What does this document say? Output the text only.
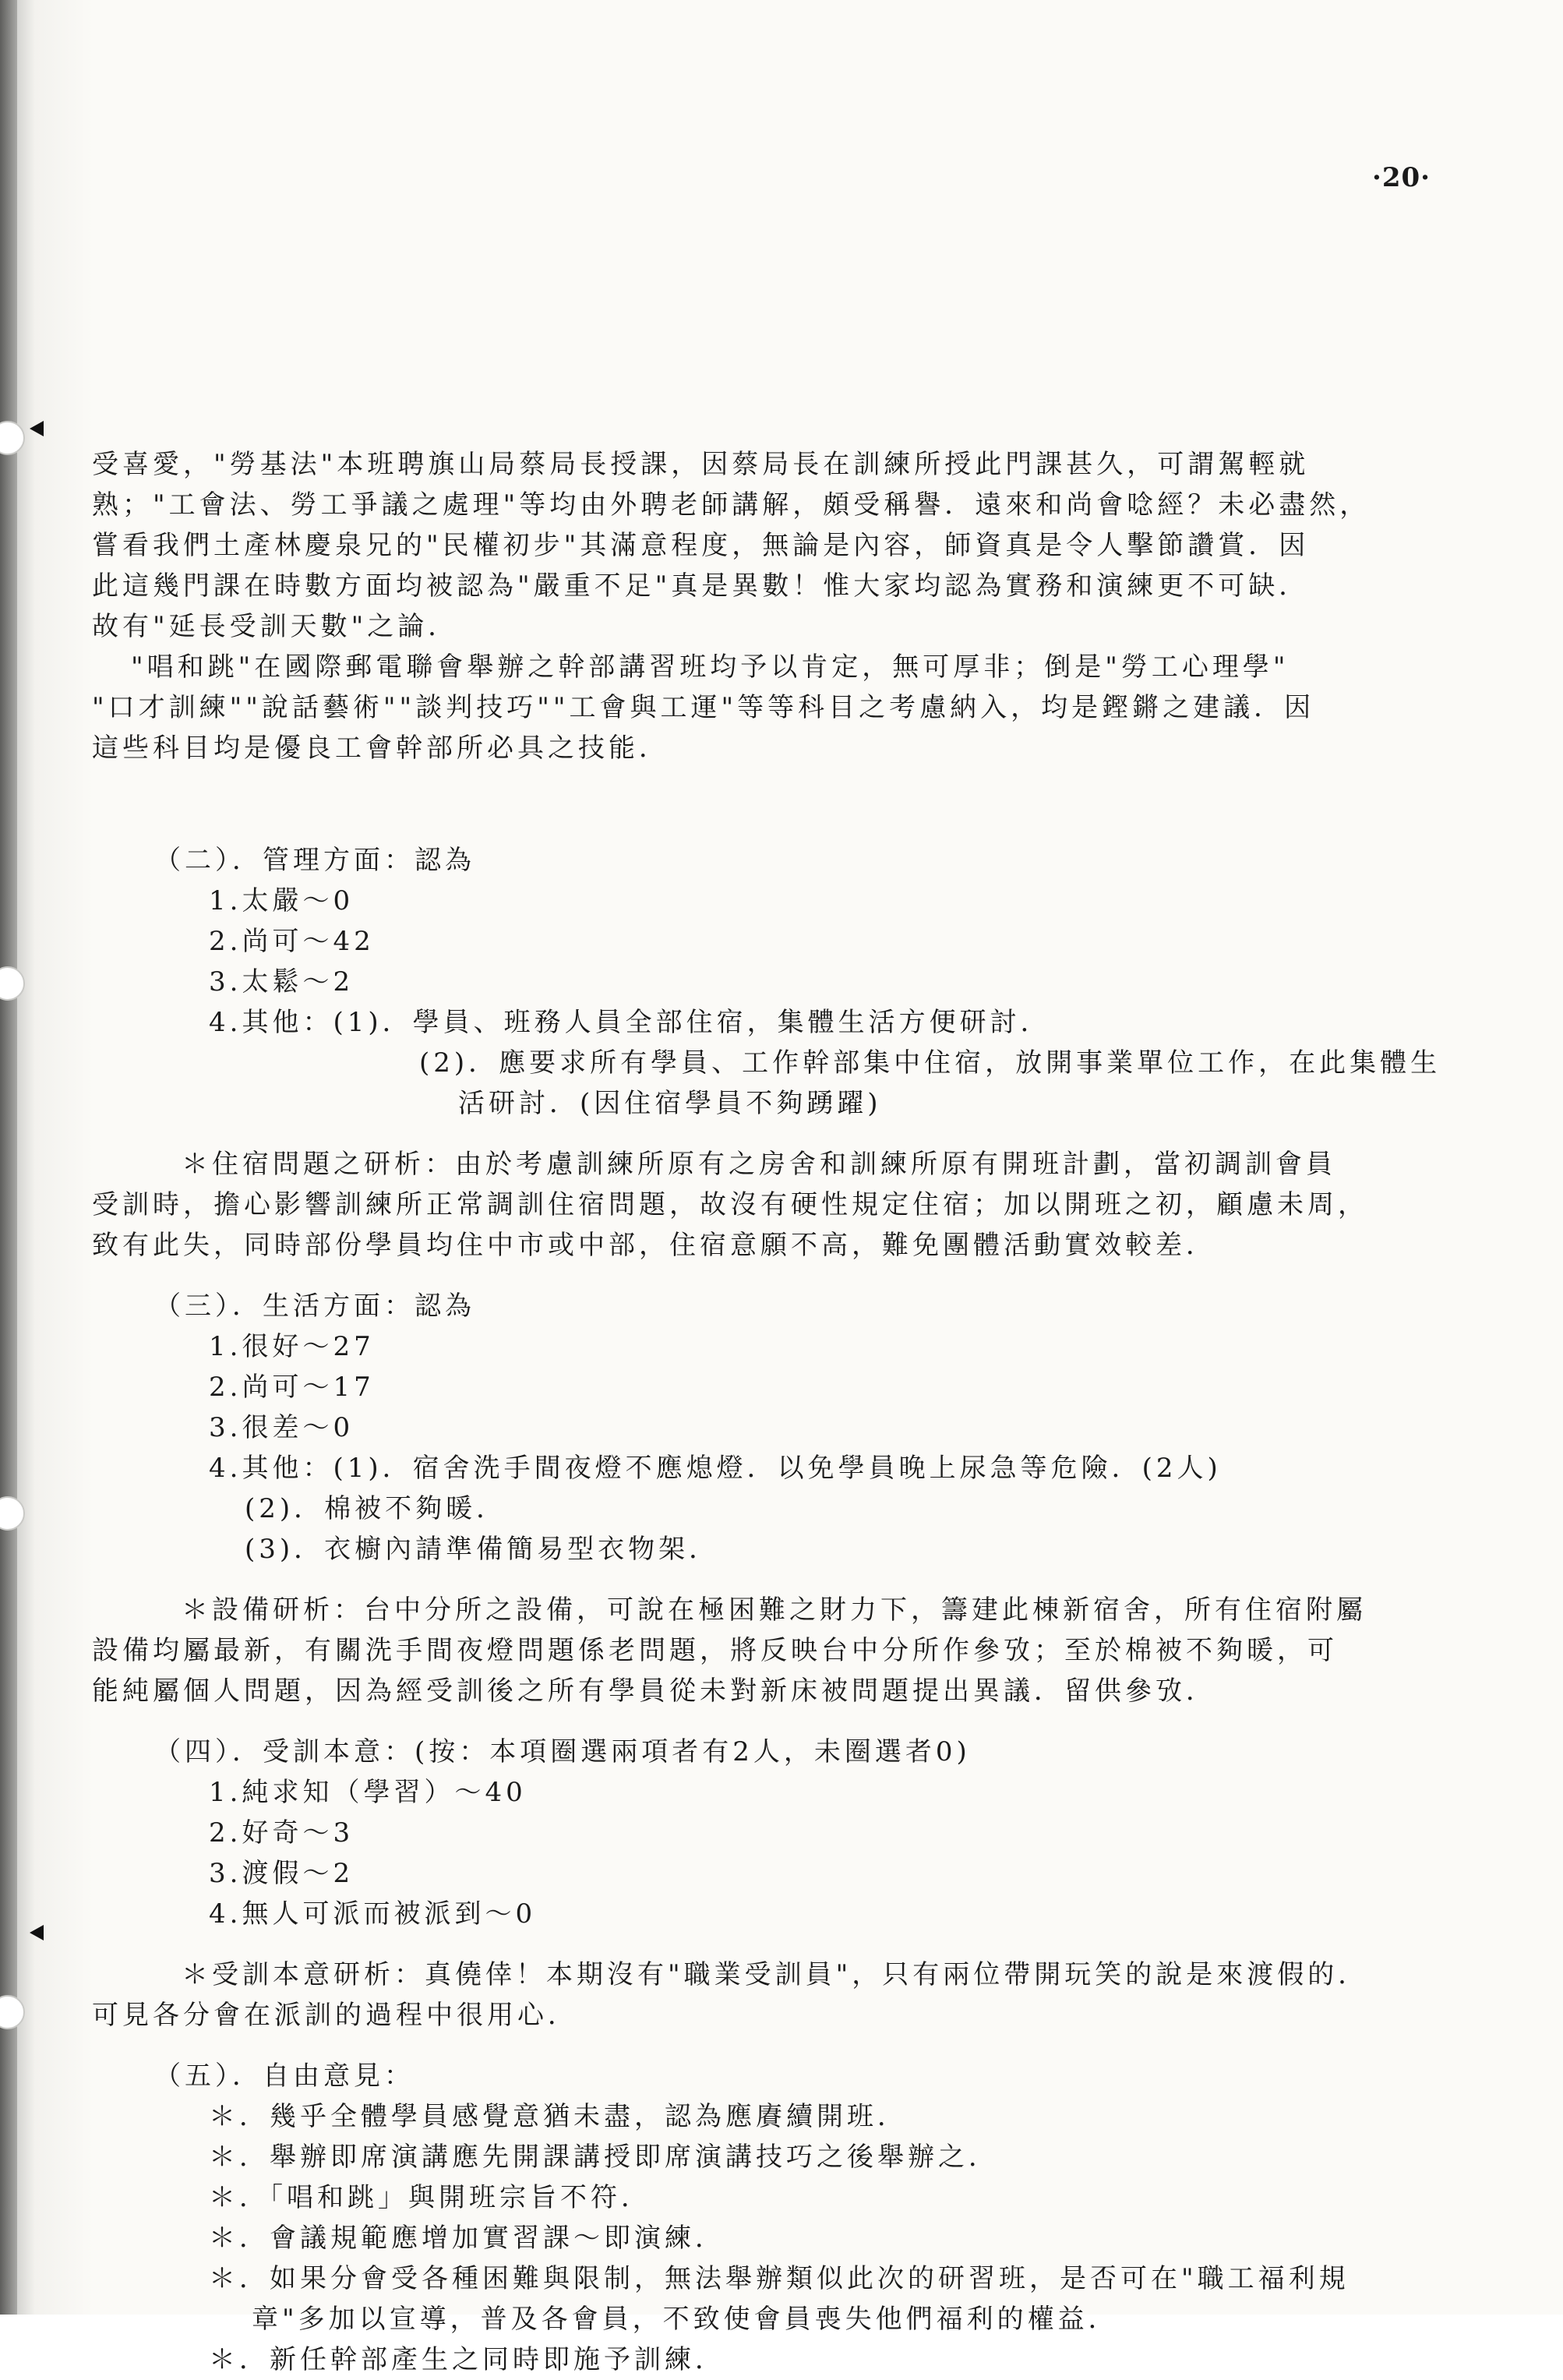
·20·

受喜愛，"勞基法"本班聘旗山局蔡局長授課，因蔡局長在訓練所授此門課甚久，可謂駕輕就

熟；"工會法、勞工爭議之處理"等均由外聘老師講解，頗受稱譽．遠來和尚會唸經？未必盡然，

嘗看我們土產林慶泉兄的"民權初步"其滿意程度，無論是內容，師資真是令人擊節讚賞．因

此這幾門課在時數方面均被認為"嚴重不足"真是異數！惟大家均認為實務和演練更不可缺．

故有"延長受訓天數"之論．

"唱和跳"在國際郵電聯會舉辦之幹部講習班均予以肯定，無可厚非；倒是"勞工心理學"

"口才訓練""說話藝術""談判技巧""工會與工運"等等科目之考慮納入，均是鏗鏘之建議．因

這些科目均是優良工會幹部所必具之技能．

（二）．管理方面：認為

1.太嚴～0

2.尚可～42

3.太鬆～2

4.其他：(1)．學員、班務人員全部住宿，集體生活方便研討．

(2)．應要求所有學員、工作幹部集中住宿，放開事業單位工作，在此集體生

活研討．(因住宿學員不夠踴躍)

＊住宿問題之研析：由於考慮訓練所原有之房舍和訓練所原有開班計劃，當初調訓會員

受訓時，擔心影響訓練所正常調訓住宿問題，故沒有硬性規定住宿；加以開班之初，顧慮未周，

致有此失，同時部份學員均住中市或中部，住宿意願不高，難免團體活動實效較差．

（三）．生活方面：認為

1.很好～27

2.尚可～17

3.很差～0

4.其他：(1)．宿舍洗手間夜燈不應熄燈．以免學員晚上尿急等危險．(2人)

(2)．棉被不夠暖．

(3)．衣櫥內請準備簡易型衣物架．

＊設備研析：台中分所之設備，可說在極困難之財力下，籌建此棟新宿舍，所有住宿附屬

設備均屬最新，有關洗手間夜燈問題係老問題，將反映台中分所作參攷；至於棉被不夠暖，可

能純屬個人問題，因為經受訓後之所有學員從未對新床被問題提出異議．留供參攷．

（四）．受訓本意：(按：本項圈選兩項者有2人，未圈選者0)

1.純求知（學習）～40

2.好奇～3

3.渡假～2

4.無人可派而被派到～0

＊受訓本意研析：真僥倖！本期沒有"職業受訓員"，只有兩位帶開玩笑的說是來渡假的．

可見各分會在派訓的過程中很用心．

（五）．自由意見：

＊．幾乎全體學員感覺意猶未盡，認為應賡續開班．

＊．舉辦即席演講應先開課講授即席演講技巧之後舉辦之．

＊．「唱和跳」與開班宗旨不符．

＊．會議規範應增加實習課～即演練．

＊．如果分會受各種困難與限制，無法舉辦類似此次的研習班，是否可在"職工福利規

章"多加以宣導，普及各會員，不致使會員喪失他們福利的權益．

＊．新任幹部產生之同時即施予訓練．
